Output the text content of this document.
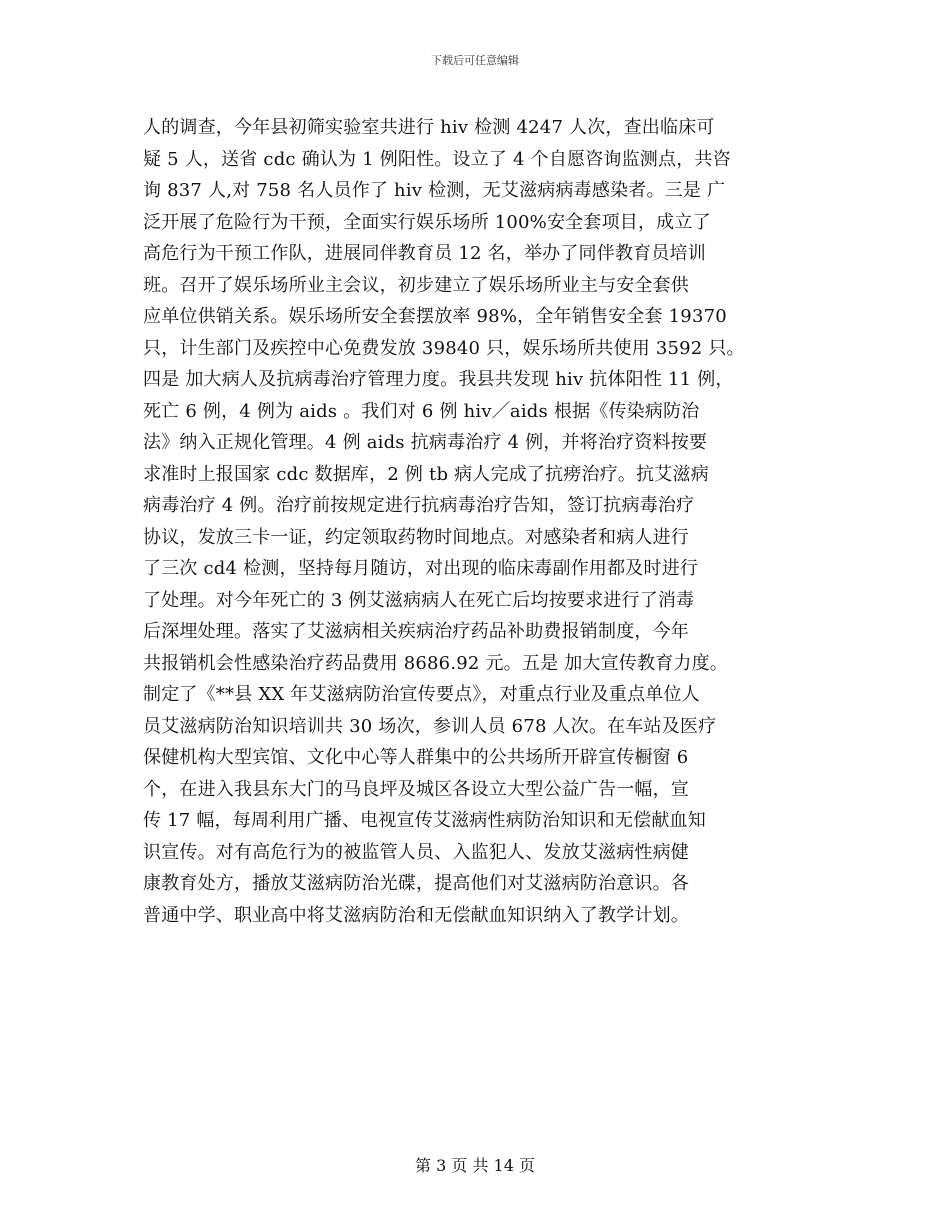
下载后可任意编辑
人的调查，今年县初筛实验室共进行 hiv 检测 4247 人次，查出临床可
疑 5 人，送省 cdc 确认为 1 例阳性。设立了 4 个自愿咨询监测点，共咨
询 837 人,对 758 名人员作了 hiv 检测，无艾滋病病毒感染者。三是 广
泛开展了危险行为干预，全面实行娱乐场所 100%安全套项目，成立了
高危行为干预工作队，进展同伴教育员 12 名，举办了同伴教育员培训
班。召开了娱乐场所业主会议，初步建立了娱乐场所业主与安全套供
应单位供销关系。娱乐场所安全套摆放率 98%，全年销售安全套 19370
只，计生部门及疾控中心免费发放 39840 只，娱乐场所共使用 3592 只。
四是 加大病人及抗病毒治疗管理力度。我县共发现 hiv 抗体阳性 11 例，
死亡 6 例，4 例为 aids 。我们对 6 例 hiv／aids 根据《传染病防治
法》纳入正规化管理。4 例 aids 抗病毒治疗 4 例，并将治疗资料按要
求准时上报国家 cdc 数据库，2 例 tb 病人完成了抗痨治疗。抗艾滋病
病毒治疗 4 例。治疗前按规定进行抗病毒治疗告知，签订抗病毒治疗
协议，发放三卡一证，约定领取药物时间地点。对感染者和病人进行
了三次 cd4 检测，坚持每月随访，对出现的临床毒副作用都及时进行
了处理。对今年死亡的 3 例艾滋病病人在死亡后均按要求进行了消毒
后深埋处理。落实了艾滋病相关疾病治疗药品补助费报销制度，今年
共报销机会性感染治疗药品费用 8686.92 元。五是 加大宣传教育力度。
制定了《**县 XX 年艾滋病防治宣传要点》，对重点行业及重点单位人
员艾滋病防治知识培训共 30 场次，参训人员 678 人次。在车站及医疗
保健机构大型宾馆、文化中心等人群集中的公共场所开辟宣传橱窗 6
个，在进入我县东大门的马良坪及城区各设立大型公益广告一幅，宣
传 17 幅，每周利用广播、电视宣传艾滋病性病防治知识和无偿献血知
识宣传。对有高危行为的被监管人员、入监犯人、发放艾滋病性病健
康教育处方，播放艾滋病防治光碟，提高他们对艾滋病防治意识。各
普通中学、职业高中将艾滋病防治和无偿献血知识纳入了教学计划。
第 3 页 共 14 页
